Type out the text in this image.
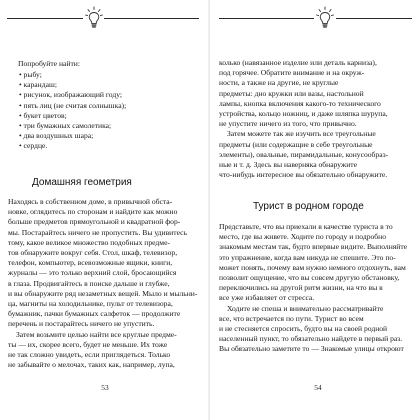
Попробуйте найти:
• рыбу;
• карандаш;
• рисунок, изображающий году;
• пять лиц (не считая солнышка);
• букет цветов;
• три бумажных самолетика;
• два воздушных шара;
• сердце.
Домашняя геометрия
Находясь в собственном доме, в привычной обста-
новке, оглядитесь по сторонам и найдите как можно
больше предметов прямоугольной и квадратной фор-
мы. Постарайтесь ничего не пропустить. Вы удивитесь
тому, какое великое множество подобных предме-
тов обнаружите вокруг себя. Стол, шкаф, телевизор,
телефон, компьютер, всевозможные ящики, книги,
журналы — это только верхний слой, бросающийся
в глаза. Продвигайтесь в поиске дальше и глубже,
и вы обнаружите ряд незаметных вещей. Мыло и мыльни-
ца, магниты на холодильнике, пульт от телевизора,
бумажник, пачки бумажных салфеток — продолжите
перечень и постарайтесь ничего не упустить.
Затем возьмите целью найти все круглые предме-
ты — их, скорее всего, будет не меньше. Их тоже
не так сложно увидеть, если приглядеться. Только
не забывайте о мелочах, таких как, например, лупа,
53
колько (навязанное изделие или деталь карниза),
под горячее. Обратите внимание и на окруж-
ности, а также на другие, не круглые
предметы: дно кружки или вазы, настольной
лампы, кнопка включения какого-то технического
устройства, кольцо ножниц, и даже шляпка шурупа,
не упустите ничего из того, что привычно.
Затем можете так же изучить все треугольные
предметы (или содержащие в себе треугольные
элементы), овальные, пирамидальные, конусообраз-
ные и т. д. Здесь вы наверняка обнаружите
что-нибудь интересное вы обязательно обнаружите.
Турист в родном городе
Представьте, что вы приехали в качестве туриста в то
место, где вы живете. Ходите по городу и подробно
знакомым местам так, будто впервые видите. Выполняйте
это упражнение, когда вам никуда не спешите. Это по-
может понять, почему вам нужно немного отдохнуть, вам
позволит ощущение, что вы совсем другую обстановку,
переключились на другой ритм жизни, на что вы в
все уже избавляет от стресса.
Ходите не спеша и внимательно рассматривайте
все, что встречается по пути. Турист во всем
и не стесняется спросить, будто вы на своей родной
населенный пункт, то обязательно найдете в первый раз.
Вы обязательно заметите то — Знакомые улицы откроют
54
